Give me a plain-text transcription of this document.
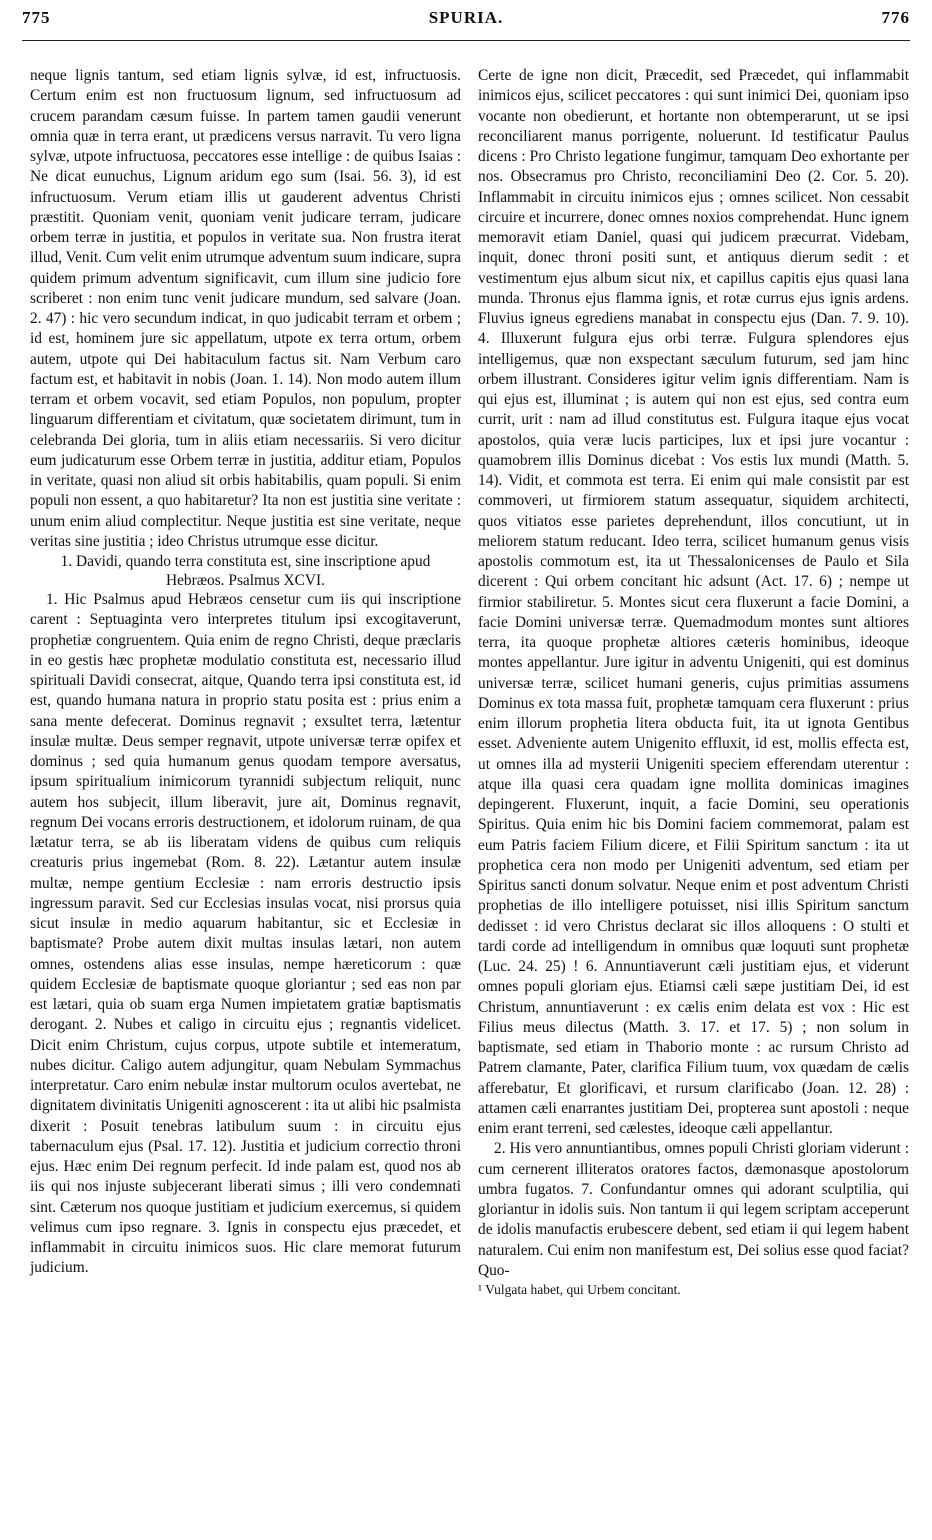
775	SPURIA.	776

neque lignis tantum, sed etiam lignis sylvæ, id est, infructuosis. Certum enim est non fructuosum lignum, sed infructuosum ad crucem parandam cæsum fuisse. In partem tamen gaudii venerunt omnia quæ in terra erant, ut prædicens versus narravit. Tu vero ligna sylvæ, utpote infructuosa, peccatores esse intellige : de quibus Isaias : Ne dicat eunuchus, Lignum aridum ego sum (Isai. 56. 3), id est infructuosum. Verum etiam illis ut gauderent adventus Christi præstitit. Quoniam venit, quoniam venit judicare terram, judicare orbem terræ in justitia, et populos in veritate sua. Non frustra iterat illud, Venit. Cum velit enim utrumque adventum suum indicare, supra quidem primum adventum significavit, cum illum sine judicio fore scriberet : non enim tunc venit judicare mundum, sed salvare (Joan. 2. 47) : hic vero secundum indicat, in quo judicabit terram et orbem ; id est, hominem jure sic appellatum, utpote ex terra ortum, orbem autem, utpote qui Dei habitaculum factus sit. Nam Verbum caro factum est, et habitavit in nobis (Joan. 1. 14). Non modo autem illum terram et orbem vocavit, sed etiam Populos, non populum, propter linguarum differentiam et civitatum, quæ societatem dirimunt, tum in celebranda Dei gloria, tum in aliis etiam necessariis. Si vero dicitur eum judicaturum esse Orbem terræ in justitia, additur etiam, Populos in veritate, quasi non aliud sit orbis habitabilis, quam populi. Si enim populi non essent, a quo habitaretur? Ita non est justitia sine veritate : unum enim aliud complectitur. Neque justitia est sine veritate, neque veritas sine justitia ; ideo Christus utrumque esse dicitur.

1. Davidi, quando terra constituta est, sine inscriptione apud Hebræos. Psalmus XCVI.

1. Hic Psalmus apud Hebræos censetur cum iis qui inscriptione carent : Septuaginta vero interpretes titulum ipsi excogitaverunt, prophetiæ congruentem. Quia enim de regno Christi, deque præclaris in eo gestis hæc prophetæ modulatio constituta est, necessario illud spirituali Davidi consecrat, aitque, Quando terra ipsi constituta est, id est, quando humana natura in proprio statu posita est : prius enim a sana mente defecerat. Dominus regnavit ; exsultet terra, lætentur insulæ multæ. Deus semper regnavit, utpote universæ terræ opifex et dominus ; sed quia humanum genus quodam tempore aversatus, ipsum spiritualium inimicorum tyrannidi subjectum reliquit, nunc autem hos subjecit, illum liberavit, jure ait, Dominus regnavit, regnum Dei vocans erroris destructionem, et idolorum ruinam, de qua lætatur terra, se ab iis liberatam videns de quibus cum reliquis creaturis prius ingemebat (Rom. 8. 22). Lætantur autem insulæ multæ, nempe gentium Ecclesiæ : nam erroris destructio ipsis ingressum paravit. Sed cur Ecclesias insulas vocat, nisi prorsus quia sicut insulæ in medio aquarum habitantur, sic et Ecclesiæ in baptismate? Probe autem dixit multas insulas lætari, non autem omnes, ostendens alias esse insulas, nempe hæreticorum : quæ quidem Ecclesiæ de baptismate quoque gloriantur ; sed eas non par est lætari, quia ob suam erga Numen impietatem gratiæ baptismatis derogant. 2. Nubes et caligo in circuitu ejus ; regnantis videlicet. Dicit enim Christum, cujus corpus, utpote subtile et intemeratum, nubes dicitur. Caligo autem adjungitur, quam Nebulam Symmachus interpretatur. Caro enim nebulæ instar multorum oculos avertebat, ne dignitatem divinitatis Unigeniti agnoscerent : ita ut alibi hic psalmista dixerit : Posuit tenebras latibulum suum : in circuitu ejus tabernaculum ejus (Psal. 17. 12). Justitia et judicium correctio throni ejus. Hæc enim Dei regnum perfecit. Id inde palam est, quod nos ab iis qui nos injuste subjecerant liberati simus ; illi vero condemnati sint. Cæterum nos quoque justitiam et judicium exercemus, si quidem velimus cum ipso regnare. 3. Ignis in conspectu ejus præcedet, et inflammabit in circuitu inimicos suos. Hic clare memorat futurum judicium.

Certe de igne non dicit, Præcedit, sed Præcedet, qui inflammabit inimicos ejus, scilicet peccatores : qui sunt inimici Dei, quoniam ipso vocante non obedierunt, et hortante non obtemperarunt, ut se ipsi reconciliarent manus porrigente, noluerunt. Id testificatur Paulus dicens : Pro Christo legatione fungimur, tamquam Deo exhortante per nos. Obsecramus pro Christo, reconciliamini Deo (2. Cor. 5. 20). Inflammabit in circuitu inimicos ejus ; omnes scilicet. Non cessabit circuire et incurrere, donec omnes noxios comprehendat. Hunc ignem memoravit etiam Daniel, quasi qui judicem præcurrat. Videbam, inquit, donec throni positi sunt, et antiquus dierum sedit : et vestimentum ejus album sicut nix, et capillus capitis ejus quasi lana munda. Thronus ejus flamma ignis, et rotæ currus ejus ignis ardens. Fluvius igneus egrediens manabat in conspectu ejus (Dan. 7. 9. 10). 4. Illuxerunt fulgura ejus orbi terræ. Fulgura splendores ejus intelligemus, quæ non exspectant sæculum futurum, sed jam hinc orbem illustrant. Consideres igitur velim ignis differentiam. Nam is qui ejus est, illuminat ; is autem qui non est ejus, sed contra eum currit, urit : nam ad illud constitutus est. Fulgura itaque ejus vocat apostolos, quia veræ lucis participes, lux et ipsi jure vocantur : quamobrem illis Dominus dicebat : Vos estis lux mundi (Matth. 5. 14). Vidit, et commota est terra. Ei enim qui male consistit par est commoveri, ut firmiorem statum assequatur, siquidem architecti, quos vitiatos esse parietes deprehendunt, illos concutiunt, ut in meliorem statum reducant. Ideo terra, scilicet humanum genus visis apostolis commotum est, ita ut Thessalonicenses de Paulo et Sila dicerent : Qui orbem concitant hic adsunt (Act. 17. 6) ; nempe ut firmior stabiliretur. 5. Montes sicut cera fluxerunt a facie Domini, a facie Domini universæ terræ. Quemadmodum montes sunt altiores terra, ita quoque prophetæ altiores cæteris hominibus, ideoque montes appellantur. Jure igitur in adventu Unigeniti, qui est dominus universæ terræ, scilicet humani generis, cujus primitias assumens Dominus ex tota massa fuit, prophetæ tamquam cera fluxerunt : prius enim illorum prophetia litera obducta fuit, ita ut ignota Gentibus esset. Adveniente autem Unigenito effluxit, id est, mollis effecta est, ut omnes illa ad mysterii Unigeniti speciem efferendam uterentur : atque illa quasi cera quadam igne mollita dominicas imagines depingerent. Fluxerunt, inquit, a facie Domini, seu operationis Spiritus. Quia enim hic bis Domini faciem commemorat, palam est eum Patris faciem Filium dicere, et Filii Spiritum sanctum : ita ut prophetica cera non modo per Unigeniti adventum, sed etiam per Spiritus sancti donum solvatur. Neque enim et post adventum Christi prophetias de illo intelligere potuisset, nisi illis Spiritum sanctum dedisset : id vero Christus declarat sic illos alloquens : O stulti et tardi corde ad intelligendum in omnibus quæ loquuti sunt prophetæ (Luc. 24. 25) ! 6. Annuntiaverunt cæli justitiam ejus, et viderunt omnes populi gloriam ejus. Etiamsi cæli sæpe justitiam Dei, id est Christum, annuntiaverunt : ex cælis enim delata est vox : Hic est Filius meus dilectus (Matth. 3. 17. et 17. 5) ; non solum in baptismate, sed etiam in Thaborio monte : ac rursum Christo ad Patrem clamante, Pater, clarifica Filium tuum, vox quædam de cælis afferebatur, Et glorificavi, et rursum clarificabo (Joan. 12. 28) : attamen cæli enarrantes justitiam Dei, propterea sunt apostoli : neque enim erant terreni, sed cælestes, ideoque cæli appellantur.

2. His vero annuntiantibus, omnes populi Christi gloriam viderunt : cum cernerent illiteratos oratores factos, dæmonasque apostolorum umbra fugatos. 7. Confundantur omnes qui adorant sculptilia, qui gloriantur in idolis suis. Non tantum ii qui legem scriptam acceperunt de idolis manufactis erubescere debent, sed etiam ii qui legem habent naturalem. Cui enim non manifestum est, Dei solius esse quod faciat? Quo-

¹ Vulgata habet, qui Urbem concitant.
